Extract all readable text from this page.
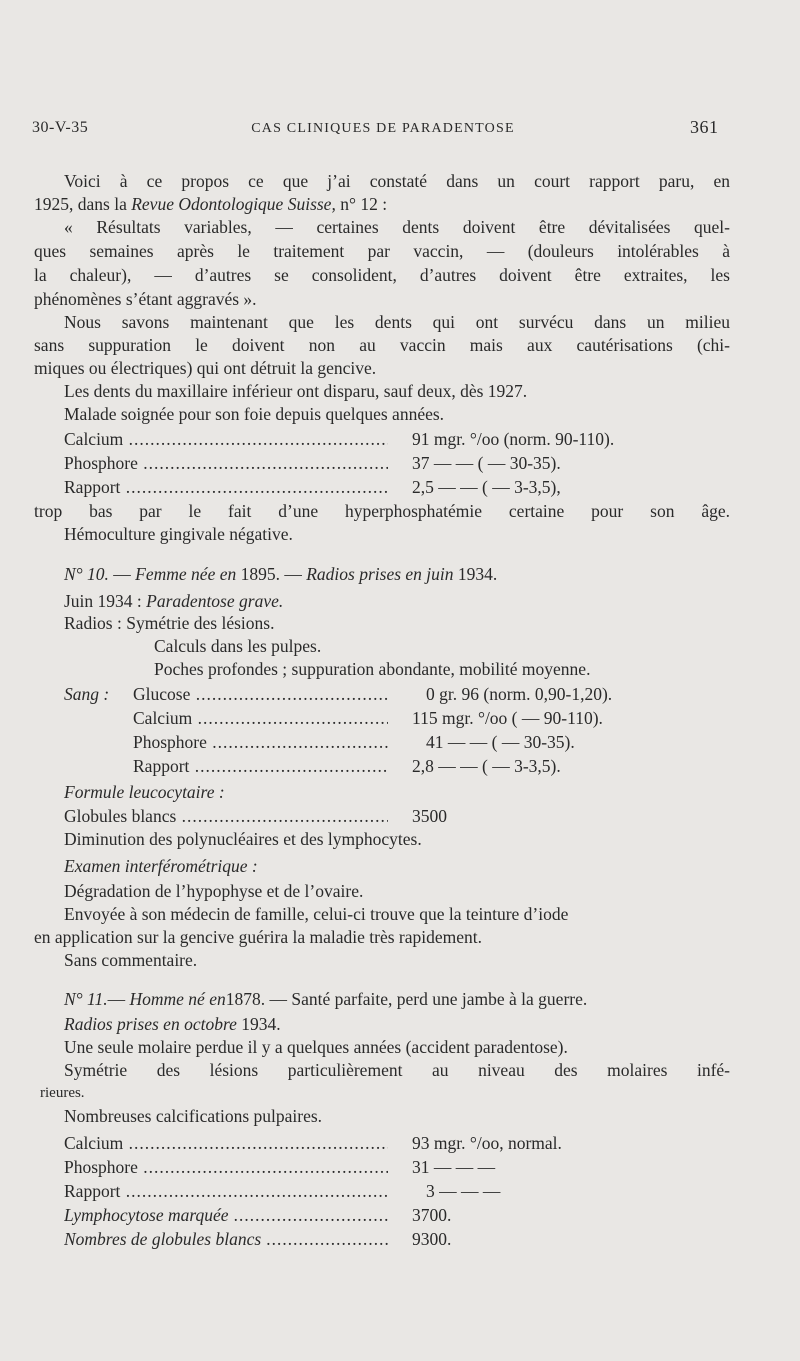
30-V-35	CAS CLINIQUES DE PARADENTOSE	361
Voici à ce propos ce que j’ai constaté dans un court rapport paru, en
1925, dans la Revue Odontologique Suisse, n° 12 :
« Résultats variables, — certaines dents doivent être dévitalisées quel-
ques semaines après le traitement par vaccin, — (douleurs intolérables à
la chaleur), — d’autres se consolident, d’autres doivent être extraites, les
phénomènes s’étant aggravés ».
Nous savons maintenant que les dents qui ont survécu dans un milieu
sans suppuration le doivent non au vaccin mais aux cautérisations (chi-
miques ou électriques) qui ont détruit la gencive.
Les dents du maxillaire inférieur ont disparu, sauf deux, dès 1927.
Malade soignée pour son foie depuis quelques années.
Calcium .....	91 mgr. °/oo (norm. 90-110).
Phosphore .....	37 — — ( — 30-35).
Rapport .....	2,5 — — ( — 3-3,5),
trop bas par le fait d’une hyperphosphatémie certaine pour son âge.
Hémoculture gingivale négative.
N° 10. — Femme née en 1895. — Radios prises en juin 1934.
Juin 1934 : Paradentose grave.
Radios : Symétrie des lésions.
Calculs dans les pulpes.
Poches profondes ; suppuration abondante, mobilité moyenne.
Sang : Glucose .....	0 gr. 96 (norm. 0,90-1,20).
Calcium .....	115 mgr. °/oo ( — 90-110).
Phosphore .....	41 — — ( — 30-35).
Rapport .....	2,8 — — ( — 3-3,5).
Formule leucocytaire :
Globules blancs .....	3500
Diminution des polynucléaires et des lymphocytes.
Examen interférométrique :
Dégradation de l’hypophyse et de l’ovaire.
Envoyée à son médecin de famille, celui-ci trouve que la teinture d’iode
en application sur la gencive guérira la maladie très rapidement.
Sans commentaire.
N° 11.— Homme né en1878. — Santé parfaite, perd une jambe à la guerre.
Radios prises en octobre 1934.
Une seule molaire perdue il y a quelques années (accident paradentose).
Symétrie des lésions particulièrement au niveau des molaires infé-
rieures.
Nombreuses calcifications pulpaires.
Calcium .....	93 mgr. °/oo, normal.
Phosphore .....	31 — — —
Rapport .....	3 — — —
Lymphocytose marquée .....	3700.
Nombres de globules blancs .....	9300.
